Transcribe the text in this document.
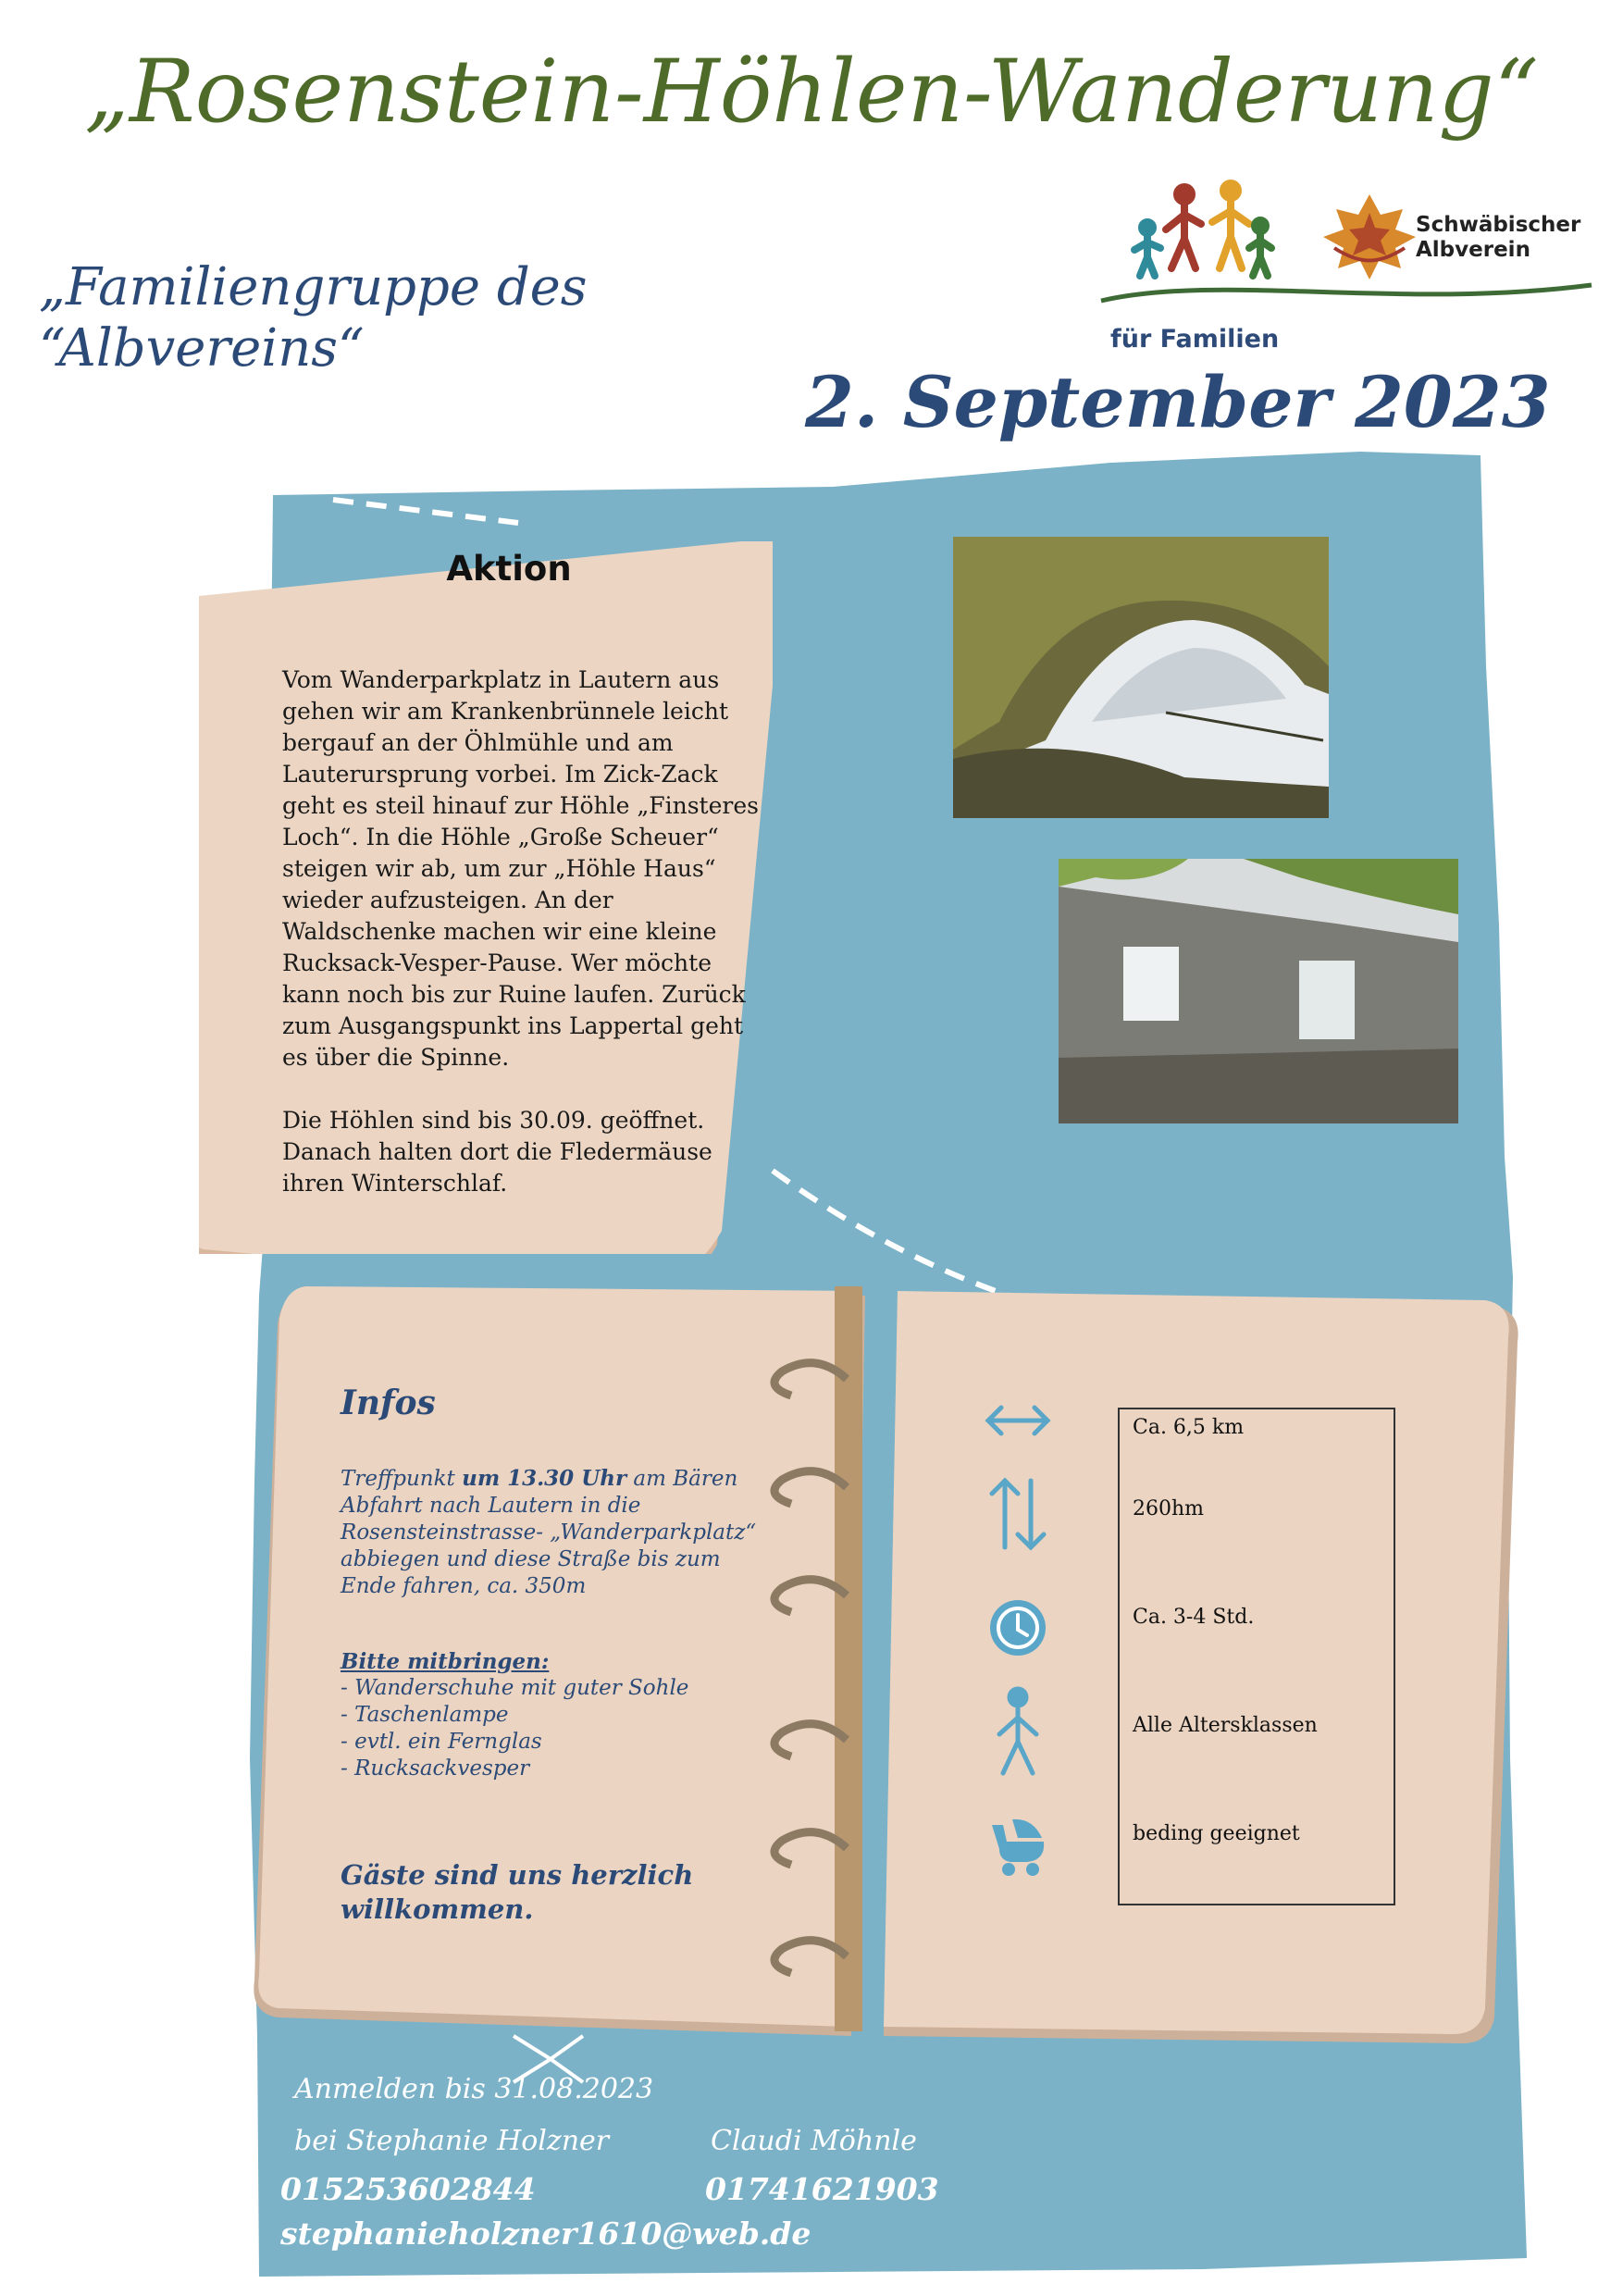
„Rosenstein-Höhlen-Wanderung“
„Familiengruppe des “Albvereins“
2. September 2023
Schwäbischer
Albverein
für Familien
Aktion

Vom Wanderparkplatz in Lautern aus gehen wir am Krankenbrünnele leicht bergauf an der Öhlmühle und am Lauterursprung vorbei. Im Zick-Zack geht es steil hinauf zur Höhle „Finsteres Loch“. In die Höhle „Große Scheuer“ steigen wir ab, um zur „Höhle Haus“ wieder aufzusteigen. An der Waldschenke machen wir eine kleine Rucksack-Vesper-Pause. Wer möchte kann noch bis zur Ruine laufen. Zurück zum Ausgangspunkt ins Lappertal geht es über die Spinne.

Die Höhlen sind bis 30.09. geöffnet. Danach halten dort die Fledermäuse ihren Winterschlaf.

Infos
Treffpunkt um 13.30 Uhr am Bären Abfahrt nach Lautern in die Rosensteinstrasse- „Wanderparkplatz“ abbiegen und diese Straße bis zum Ende fahren, ca. 350m
Bitte mitbringen:
- Wanderschuhe mit guter Sohle
- Taschenlampe
- evtl. ein Fernglas
- Rucksackvesper
Gäste sind uns herzlich willkommen.
Ca. 6,5 km
260hm
Ca. 3-4 Std.
Alle Altersklassen
beding geeignet
Anmelden bis 31.08.2023
bei Stephanie Holzner	Claudi Möhnle
015253602844	01741621903
stephanieholzner1610@web.de
